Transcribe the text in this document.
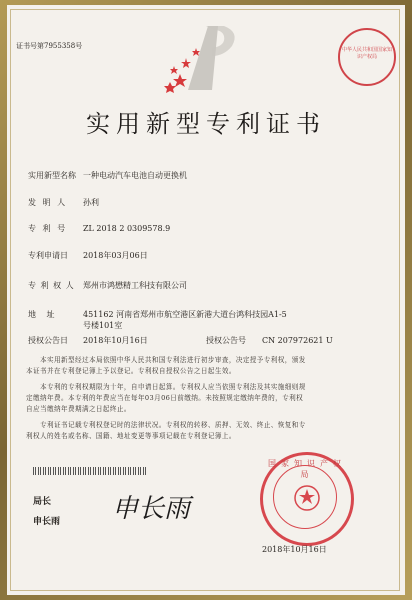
证书号第7955358号	中华人民共和国国家知识产权局
实用新型专利证书
实用新型名称 一种电动汽车电池自动更换机
发 明 人 孙利
专 利 号 ZL 2018 2 0309578.9
专利申请日 2018年03月06日
专 利 权 人 郑州市鸿懋精工科技有限公司
地 址	451162 河南省郑州市航空港区新港大道台鸿科技园A1-5
号楼101室
授权公告日 2018年10月16日	授权公告号 CN 207972621 U
本实用新型经过本局依照中华人民共和国专利法进行初步审查，决定授予专利权，颁发
本证书并在专利登记簿上予以登记。专利权自授权公告之日起生效。
本专利的专利权期限为十年，自申请日起算。专利权人应当依照专利法及其实施细则规
定缴纳年费。本专利的年费应当在每年03月06日前缴纳。未按照规定缴纳年费的，专利权
自应当缴纳年费期满之日起终止。
专利证书记载专利权登记时的法律状况。专利权的转移、质押、无效、终止、恢复和专
利权人的姓名或名称、国籍、地址变更等事项记载在专利登记簿上。
局长
申长雨 申长雨
国家知识产权局
2018年10月16日
